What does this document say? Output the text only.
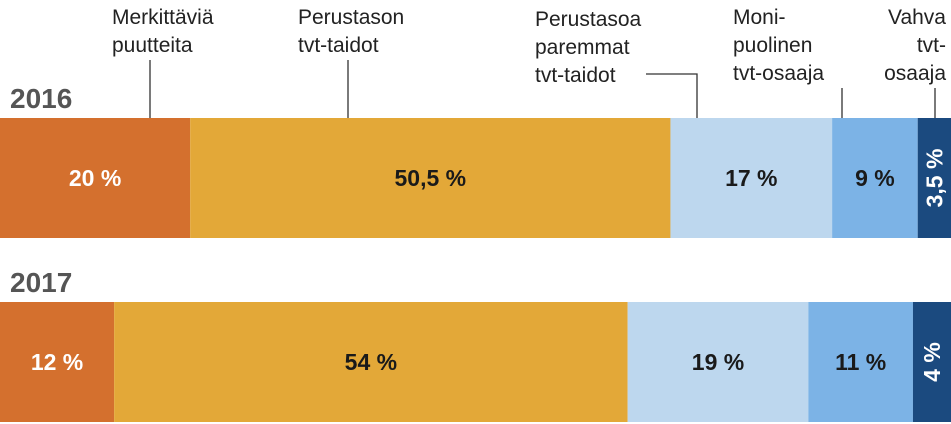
Merkittäviä
puutteita
Perustason
tvt-taidot
Perustasoa
paremmat
tvt-taidot
Moni-
puolinen
tvt-osaaja
Vahva
tvt-
osaaja
20 %	50,5 %	17 %	9 % 3,5 %
12 %	54 %	19 %	11 % 4 %
2016
2017
